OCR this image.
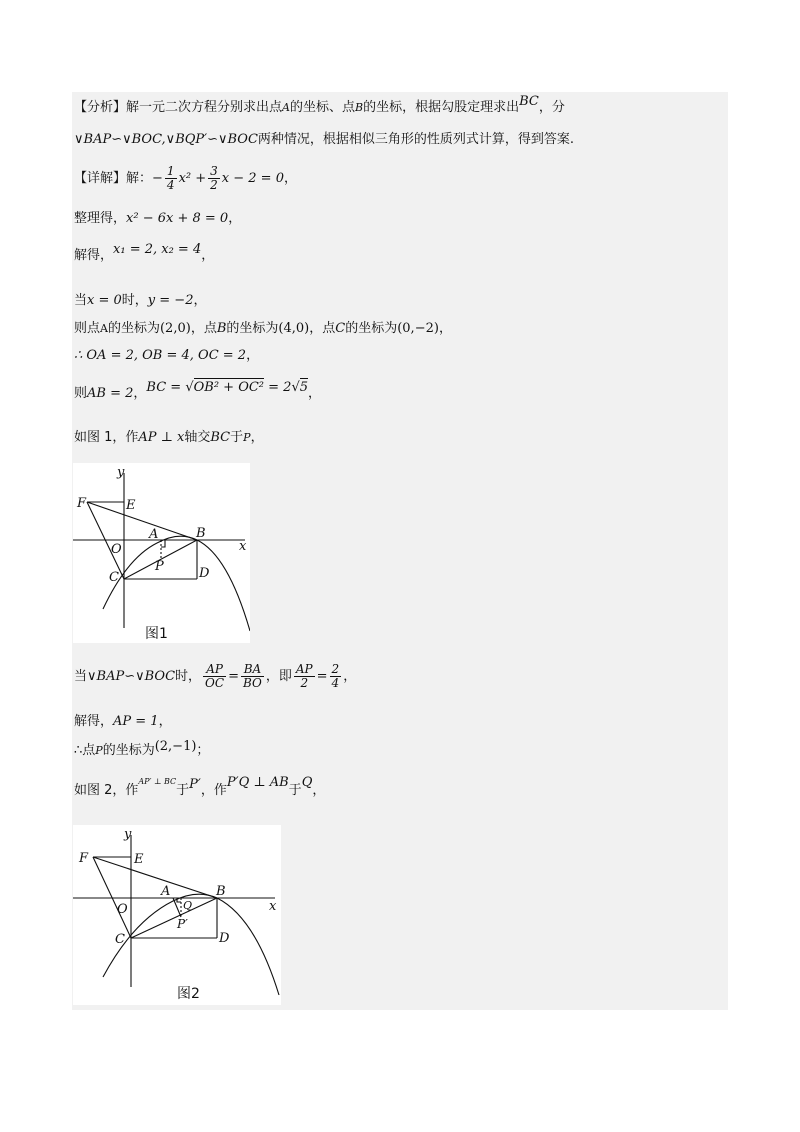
【分析】解一元二次方程分别求出点A的坐标、点B的坐标，根据勾股定理求出BC，分
∨BAP∽∨BOC,∨BQP′∽∨BOC两种情况，根据相似三角形的性质列式计算，得到答案.
【详解】解：− $\frac{1}{4} x^2 + \frac{3}{2}$ x − 2 = 0，
整理得，x² − 6x + 8 = 0，
解得，x₁ = 2, x₂ = 4，
当x = 0时，y = −2，
则点A的坐标为(2,0)，点B的坐标为(4,0)，点C的坐标为(0,−2)，
∴ OA = 2, OB = 4, OC = 2，
则AB = 2，BC = √OB² + OC² = 2√5，
如图 1，作AP ⊥ x轴交BC于P，
y
x
F	E
A	B
O
C
P	D
图1
当∨BAP∽∨BOC时， $\frac{AP}{OC} = \frac{BA}{BO}$ ，即 $\frac{AP}{2} = \frac{2}{4}$ ，
解得，AP = 1，
∴点P的坐标为(2,−1)；
如图 2，作$^{AP' \perp BC}$于P′，作P′Q ⊥ AB于Q，
y
x
F	E
A	B
O
C
Q
P′
D
图2
